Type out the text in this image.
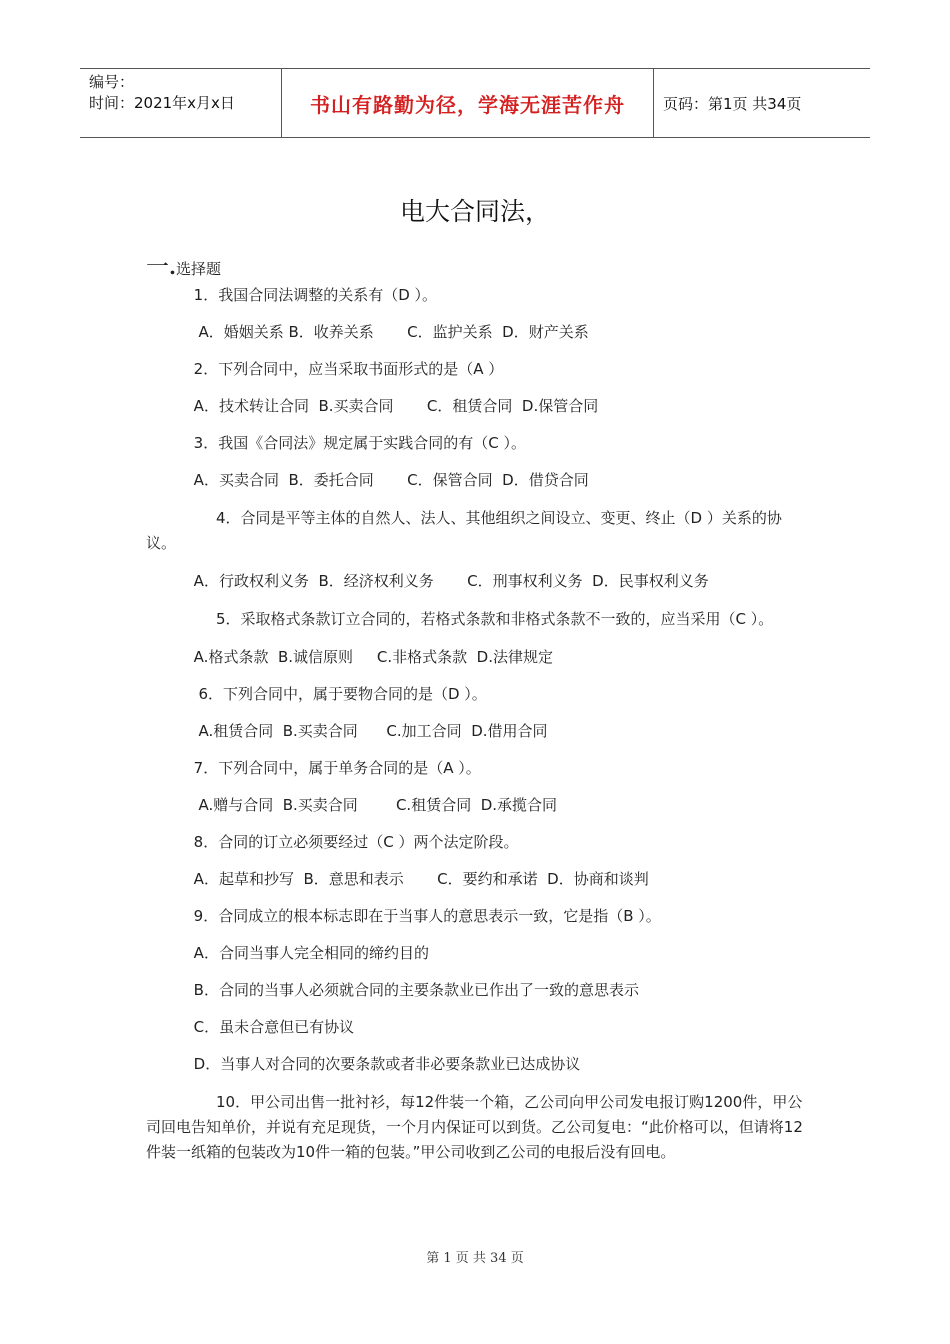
编号：
时间：2021年x月x日	书山有路勤为径，学海无涯苦作舟	页码：第1页 共34页
电大合同法，
一.选择题
1．我国合同法调整的关系有（D ）。
A．婚姻关系 B．收养关系       C．监护关系  D．财产关系
2．下列合同中，应当采取书面形式的是（A ）
A．技术转让合同  B.买卖合同       C．租赁合同  D.保管合同
3．我国《合同法》规定属于实践合同的有（C ）。
A．买卖合同  B．委托合同       C．保管合同  D．借贷合同
4．合同是平等主体的自然人、法人、其他组织之间设立、变更、终止（D ）关系的协议。
A．行政权利义务  B．经济权利义务       C．刑事权利义务  D．民事权利义务
5．采取格式条款订立合同的，若格式条款和非格式条款不一致的，应当采用（C ）。
A.格式条款  B.诚信原则     C.非格式条款  D.法律规定
6．下列合同中，属于要物合同的是（D ）。
A.租赁合同  B.买卖合同      C.加工合同  D.借用合同
7．下列合同中，属于单务合同的是（A ）。
A.赠与合同  B.买卖合同        C.租赁合同  D.承揽合同
8．合同的订立必须要经过（C ）两个法定阶段。
A．起草和抄写  B．意思和表示       C．要约和承诺  D．协商和谈判
9．合同成立的根本标志即在于当事人的意思表示一致，它是指（B ）。
A．合同当事人完全相同的缔约目的
B．合同的当事人必须就合同的主要条款业已作出了一致的意思表示
C．虽未合意但已有协议
D．当事人对合同的次要条款或者非必要条款业已达成协议
10．甲公司出售一批衬衫，每12件装一个箱，乙公司向甲公司发电报订购1200件，甲公司回电告知单价，并说有充足现货，一个月内保证可以到货。乙公司复电：“此价格可以，但请将12件装一纸箱的包装改为10件一箱的包装。”甲公司收到乙公司的电报后没有回电。
第 1 页 共 34 页
